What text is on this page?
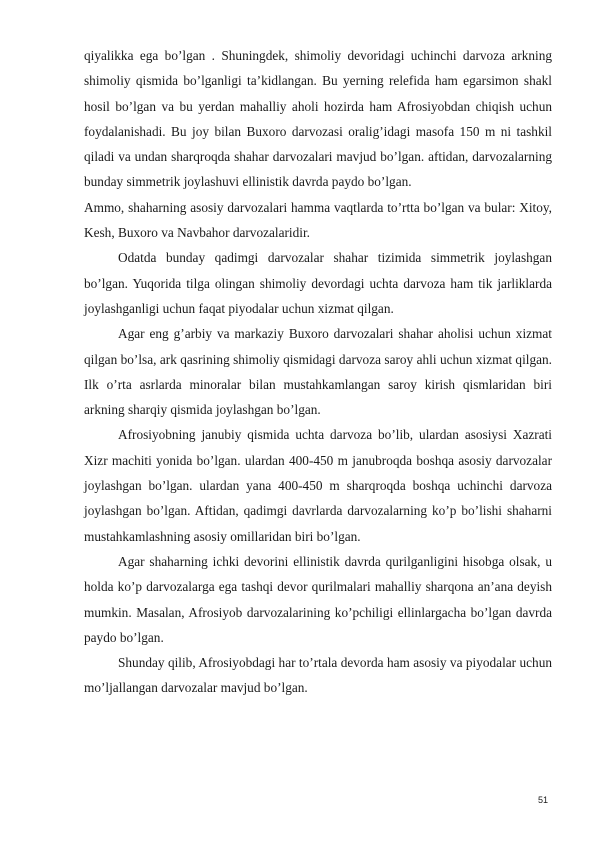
qiyalikka ega bo’lgan . Shuningdek, shimoliy devoridagi uchinchi darvoza arkning shimoliy qismida bo’lganligi ta’kidlangan. Bu yerning relefida ham egarsimon shakl hosil bo’lgan va bu yerdan mahalliy aholi hozirda ham Afrosiyobdan chiqish uchun foydalanishadi. Bu joy bilan Buxoro darvozasi oralig’idagi masofa 150 m ni tashkil qiladi va undan sharqroqda shahar darvozalari mavjud bo’lgan. aftidan, darvozalarning bunday simmetrik joylashuvi ellinistik davrda paydo bo’lgan.

Ammo, shaharning asosiy darvozalari hamma vaqtlarda to’rtta bo’lgan va bular: Xitoy, Kesh, Buxoro va Navbahor darvozalaridir.

Odatda bunday qadimgi darvozalar shahar tizimida simmetrik joylashgan bo’lgan. Yuqorida tilga olingan shimoliy devordagi uchta darvoza ham tik jarliklarda joylashganligi uchun faqat piyodalar uchun xizmat qilgan.

Agar eng g’arbiy va markaziy Buxoro darvozalari shahar aholisi uchun xizmat qilgan bo’lsa, ark qasrining shimoliy qismidagi darvoza saroy ahli uchun xizmat qilgan. Ilk o’rta asrlarda minoralar bilan mustahkamlangan saroy kirish qismlaridan biri arkning sharqiy qismida joylashgan bo’lgan.

Afrosiyobning janubiy qismida uchta darvoza bo’lib, ulardan asosiysi Xazrati Xizr machiti yonida bo’lgan. ulardan 400-450 m janubroqda boshqa asosiy darvozalar joylashgan bo’lgan. ulardan yana 400-450 m sharqroqda boshqa uchinchi darvoza joylashgan bo’lgan. Aftidan, qadimgi davrlarda darvozalarning ko’p bo’lishi shaharni mustahkamlashning asosiy omillaridan biri bo’lgan.

Agar shaharning ichki devorini ellinistik davrda qurilganligini hisobga olsak, u holda ko’p darvozalarga ega tashqi devor qurilmalari mahalliy sharqona an’ana deyish mumkin. Masalan, Afrosiyob darvozalarining ko’pchiligi ellinlargacha bo’lgan davrda paydo bo’lgan.

Shunday qilib, Afrosiyobdagi har to’rtala devorda ham asosiy va piyodalar uchun mo’ljallangan darvozalar mavjud bo’lgan.

51
